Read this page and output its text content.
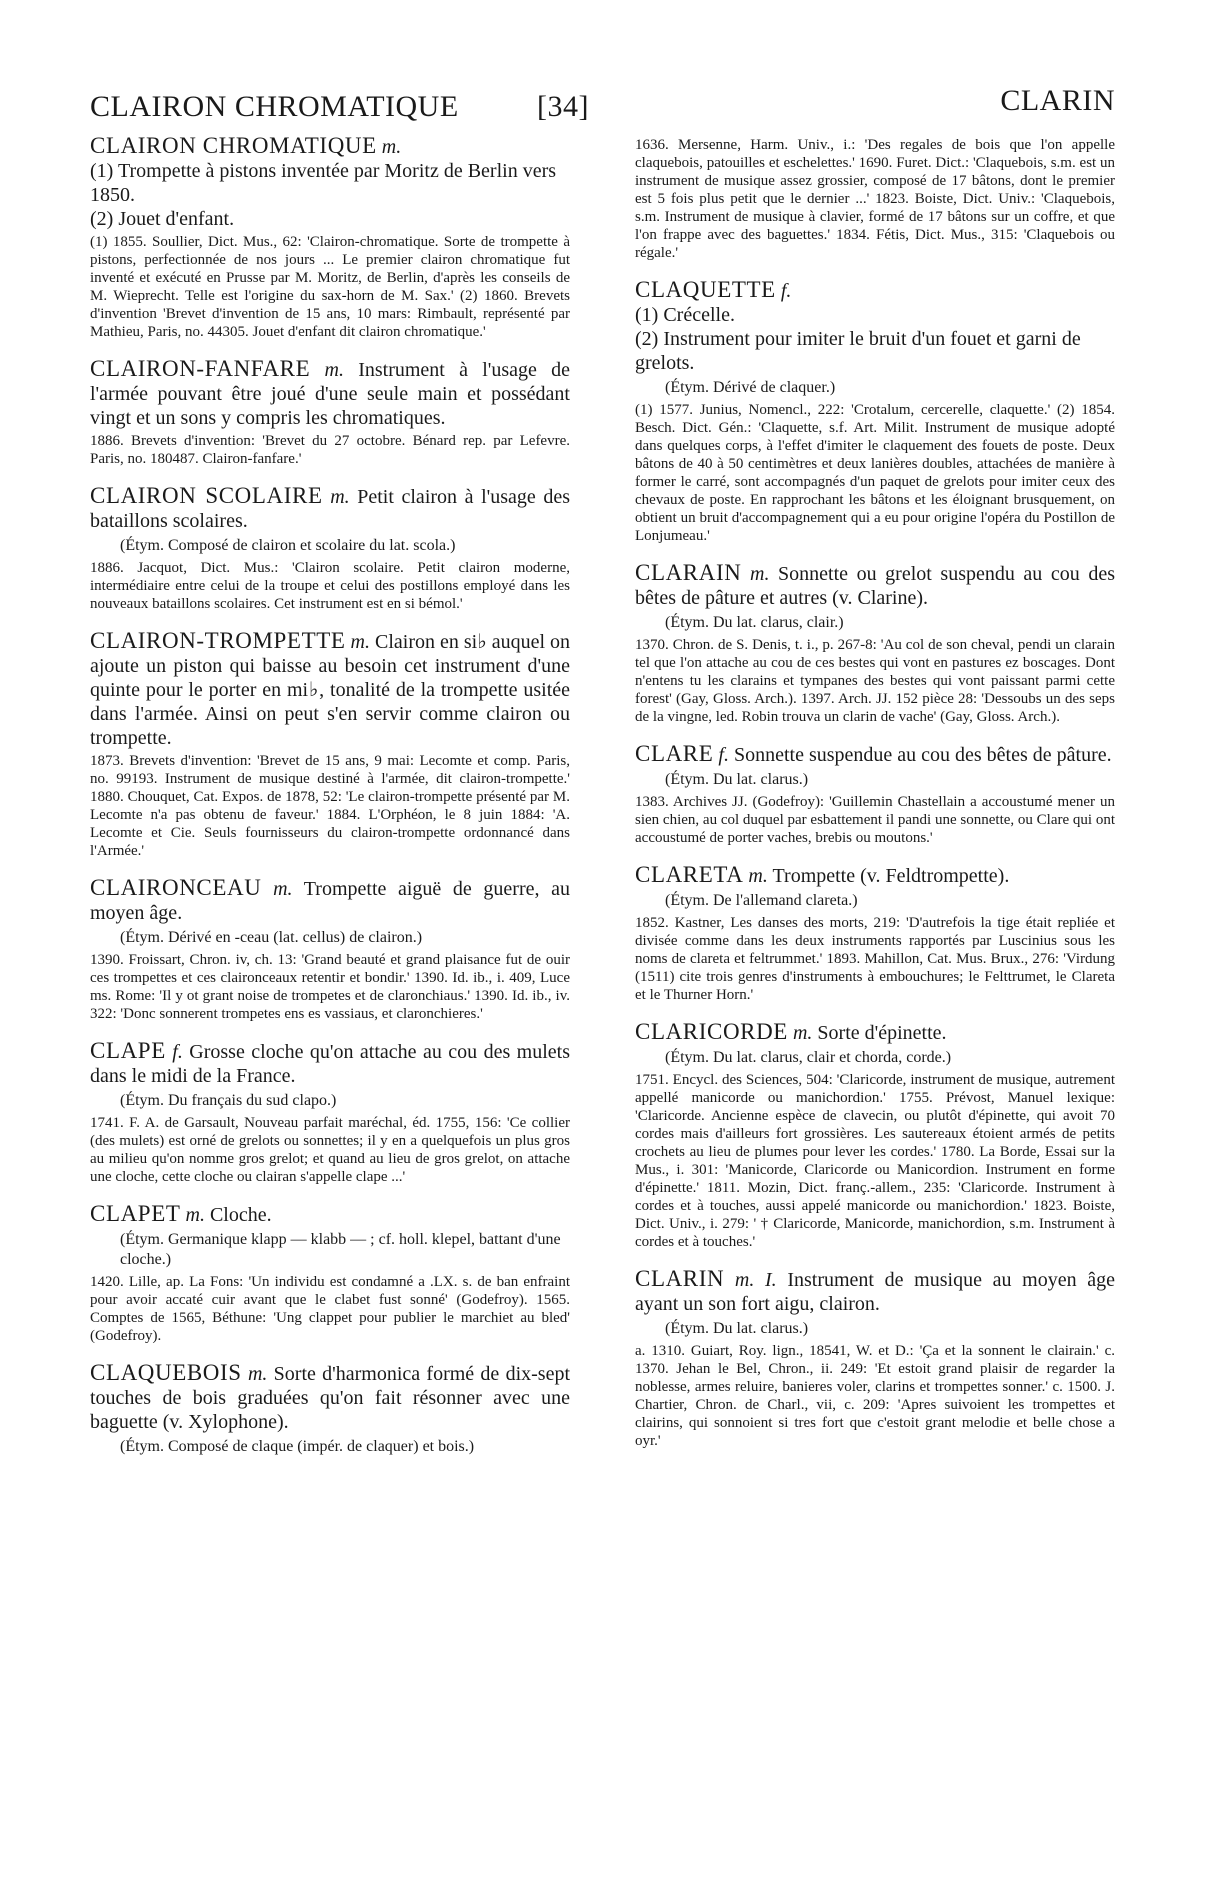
CLAIRON CHROMATIQUE	[34]	CLARIN

CLAIRON CHROMATIQUE m.

(1) Trompette à pistons inventée par Moritz de Berlin vers 1850.

(2) Jouet d'enfant.

(1) 1855. Soullier, Dict. Mus., 62: 'Clairon-chromatique. Sorte de trompette à pistons, perfectionnée de nos jours ... Le premier clairon chromatique fut inventé et exécuté en Prusse par M. Moritz, de Berlin, d'après les conseils de M. Wieprecht. Telle est l'origine du sax-horn de M. Sax.' (2) 1860. Brevets d'invention 'Brevet d'invention de 15 ans, 10 mars: Rimbault, représenté par Mathieu, Paris, no. 44305. Jouet d'enfant dit clairon chromatique.'

CLAIRON-FANFARE m. Instrument à l'usage de l'armée pouvant être joué d'une seule main et possédant vingt et un sons y compris les chromatiques.

1886. Brevets d'invention: 'Brevet du 27 octobre. Bénard rep. par Lefevre. Paris, no. 180487. Clairon-fanfare.'

CLAIRON SCOLAIRE m. Petit clairon à l'usage des bataillons scolaires.

(Étym. Composé de clairon et scolaire du lat. scola.)

1886. Jacquot, Dict. Mus.: 'Clairon scolaire. Petit clairon moderne, intermédiaire entre celui de la troupe et celui des postillons employé dans les nouveaux bataillons scolaires. Cet instrument est en si bémol.'

CLAIRON-TROMPETTE m. Clairon en si♭ auquel on ajoute un piston qui baisse au besoin cet instrument d'une quinte pour le porter en mi♭, tonalité de la trompette usitée dans l'armée. Ainsi on peut s'en servir comme clairon ou trompette.

1873. Brevets d'invention: 'Brevet de 15 ans, 9 mai: Lecomte et comp. Paris, no. 99193. Instrument de musique destiné à l'armée, dit clairon-trompette.' 1880. Chouquet, Cat. Expos. de 1878, 52: 'Le clairon-trompette présenté par M. Lecomte n'a pas obtenu de faveur.' 1884. L'Orphéon, le 8 juin 1884: 'A. Lecomte et Cie. Seuls fournisseurs du clairon-trompette ordonnancé dans l'Armée.'

CLAIRONCEAU m. Trompette aiguë de guerre, au moyen âge.

(Étym. Dérivé en -ceau (lat. cellus) de clairon.)

1390. Froissart, Chron. iv, ch. 13: 'Grand beauté et grand plaisance fut de ouir ces trompettes et ces claironceaux retentir et bondir.' 1390. Id. ib., i. 409, Luce ms. Rome: 'Il y ot grant noise de trompetes et de claronchiaus.' 1390. Id. ib., iv. 322: 'Donc sonnerent trompetes ens es vassiaus, et claronchieres.'

CLAPE f. Grosse cloche qu'on attache au cou des mulets dans le midi de la France.

(Étym. Du français du sud clapo.)

1741. F. A. de Garsault, Nouveau parfait maréchal, éd. 1755, 156: 'Ce collier (des mulets) est orné de grelots ou sonnettes; il y en a quelquefois un plus gros au milieu qu'on nomme gros grelot; et quand au lieu de gros grelot, on attache une cloche, cette cloche ou clairan s'appelle clape ...'

CLAPET m. Cloche.

(Étym. Germanique klapp — klabb — ; cf. holl. klepel, battant d'une cloche.)

1420. Lille, ap. La Fons: 'Un individu est condamné a .LX. s. de ban enfraint pour avoir accaté cuir avant que le clabet fust sonné' (Godefroy). 1565. Comptes de 1565, Béthune: 'Ung clappet pour publier le marchiet au bled' (Godefroy).

CLAQUEBOIS m. Sorte d'harmonica formé de dix-sept touches de bois graduées qu'on fait résonner avec une baguette (v. Xylophone).

(Étym. Composé de claque (impér. de claquer) et bois.)

1636. Mersenne, Harm. Univ., i.: 'Des regales de bois que l'on appelle claquebois, patouilles et eschelettes.' 1690. Furet. Dict.: 'Claquebois, s.m. est un instrument de musique assez grossier, composé de 17 bâtons, dont le premier est 5 fois plus petit que le dernier ...' 1823. Boiste, Dict. Univ.: 'Claquebois, s.m. Instrument de musique à clavier, formé de 17 bâtons sur un coffre, et que l'on frappe avec des baguettes.' 1834. Fétis, Dict. Mus., 315: 'Claquebois ou régale.'

CLAQUETTE f.

(1) Crécelle.

(2) Instrument pour imiter le bruit d'un fouet et garni de grelots.

(Étym. Dérivé de claquer.)

(1) 1577. Junius, Nomencl., 222: 'Crotalum, cercerelle, claquette.' (2) 1854. Besch. Dict. Gén.: 'Claquette, s.f. Art. Milit. Instrument de musique adopté dans quelques corps, à l'effet d'imiter le claquement des fouets de poste. Deux bâtons de 40 à 50 centimètres et deux lanières doubles, attachées de manière à former le carré, sont accompagnés d'un paquet de grelots pour imiter ceux des chevaux de poste. En rapprochant les bâtons et les éloignant brusquement, on obtient un bruit d'accompagnement qui a eu pour origine l'opéra du Postillon de Lonjumeau.'

CLARAIN m. Sonnette ou grelot suspendu au cou des bêtes de pâture et autres (v. Clarine).

(Étym. Du lat. clarus, clair.)

1370. Chron. de S. Denis, t. i., p. 267-8: 'Au col de son cheval, pendi un clarain tel que l'on attache au cou de ces bestes qui vont en pastures ez boscages. Dont n'entens tu les clarains et tympanes des bestes qui vont paissant parmi cette forest' (Gay, Gloss. Arch.). 1397. Arch. JJ. 152 pièce 28: 'Dessoubs un des seps de la vingne, led. Robin trouva un clarin de vache' (Gay, Gloss. Arch.).

CLARE f. Sonnette suspendue au cou des bêtes de pâture.

(Étym. Du lat. clarus.)

1383. Archives JJ. (Godefroy): 'Guillemin Chastellain a accoustumé mener un sien chien, au col duquel par esbattement il pandi une sonnette, ou Clare qui ont accoustumé de porter vaches, brebis ou moutons.'

CLARETA m. Trompette (v. Feldtrompette).

(Étym. De l'allemand clareta.)

1852. Kastner, Les danses des morts, 219: 'D'autrefois la tige était repliée et divisée comme dans les deux instruments rapportés par Luscinius sous les noms de clareta et feltrummet.' 1893. Mahillon, Cat. Mus. Brux., 276: 'Virdung (1511) cite trois genres d'instruments à embouchures; le Felttrumet, le Clareta et le Thurner Horn.'

CLARICORDE m. Sorte d'épinette.

(Étym. Du lat. clarus, clair et chorda, corde.)

1751. Encycl. des Sciences, 504: 'Claricorde, instrument de musique, autrement appellé manicorde ou manichordion.' 1755. Prévost, Manuel lexique: 'Claricorde. Ancienne espèce de clavecin, ou plutôt d'épinette, qui avoit 70 cordes mais d'ailleurs fort grossières. Les sautereaux étoient armés de petits crochets au lieu de plumes pour lever les cordes.' 1780. La Borde, Essai sur la Mus., i. 301: 'Manicorde, Claricorde ou Manicordion. Instrument en forme d'épinette.' 1811. Mozin, Dict. franç.-allem., 235: 'Claricorde. Instrument à cordes et à touches, aussi appelé manicorde ou manichordion.' 1823. Boiste, Dict. Univ., i. 279: ' † Claricorde, Manicorde, manichordion, s.m. Instrument à cordes et à touches.'

CLARIN m. I. Instrument de musique au moyen âge ayant un son fort aigu, clairon.

(Étym. Du lat. clarus.)

a. 1310. Guiart, Roy. lign., 18541, W. et D.: 'Ça et la sonnent le clairain.' c. 1370. Jehan le Bel, Chron., ii. 249: 'Et estoit grand plaisir de regarder la noblesse, armes reluire, banieres voler, clarins et trompettes sonner.' c. 1500. J. Chartier, Chron. de Charl., vii, c. 209: 'Apres suivoient les trompettes et clairins, qui sonnoient si tres fort que c'estoit grant melodie et belle chose a oyr.'
